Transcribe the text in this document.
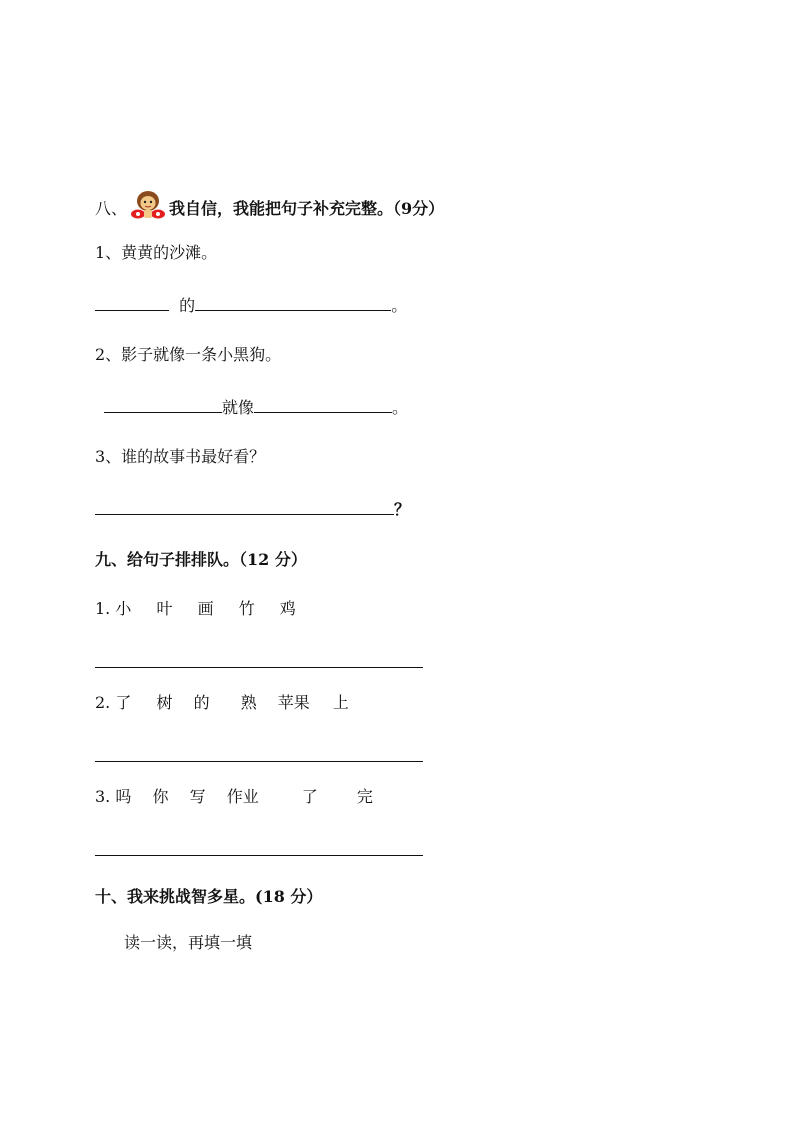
八、	我自信，我能把句子补充完整。（9分）
1、黄黄的沙滩。
的	。
2、影子就像一条小黑狗。
就像	。
3、谁的故事书最好看？
？
九、给句子排排队。（12 分）
1. 小 叶 画 竹 鸡
2. 了 树 的 熟 苹果 上
3. 吗 你 写 作业	了 完
十、我来挑战智多星。(18 分）
读一读，再填一填
